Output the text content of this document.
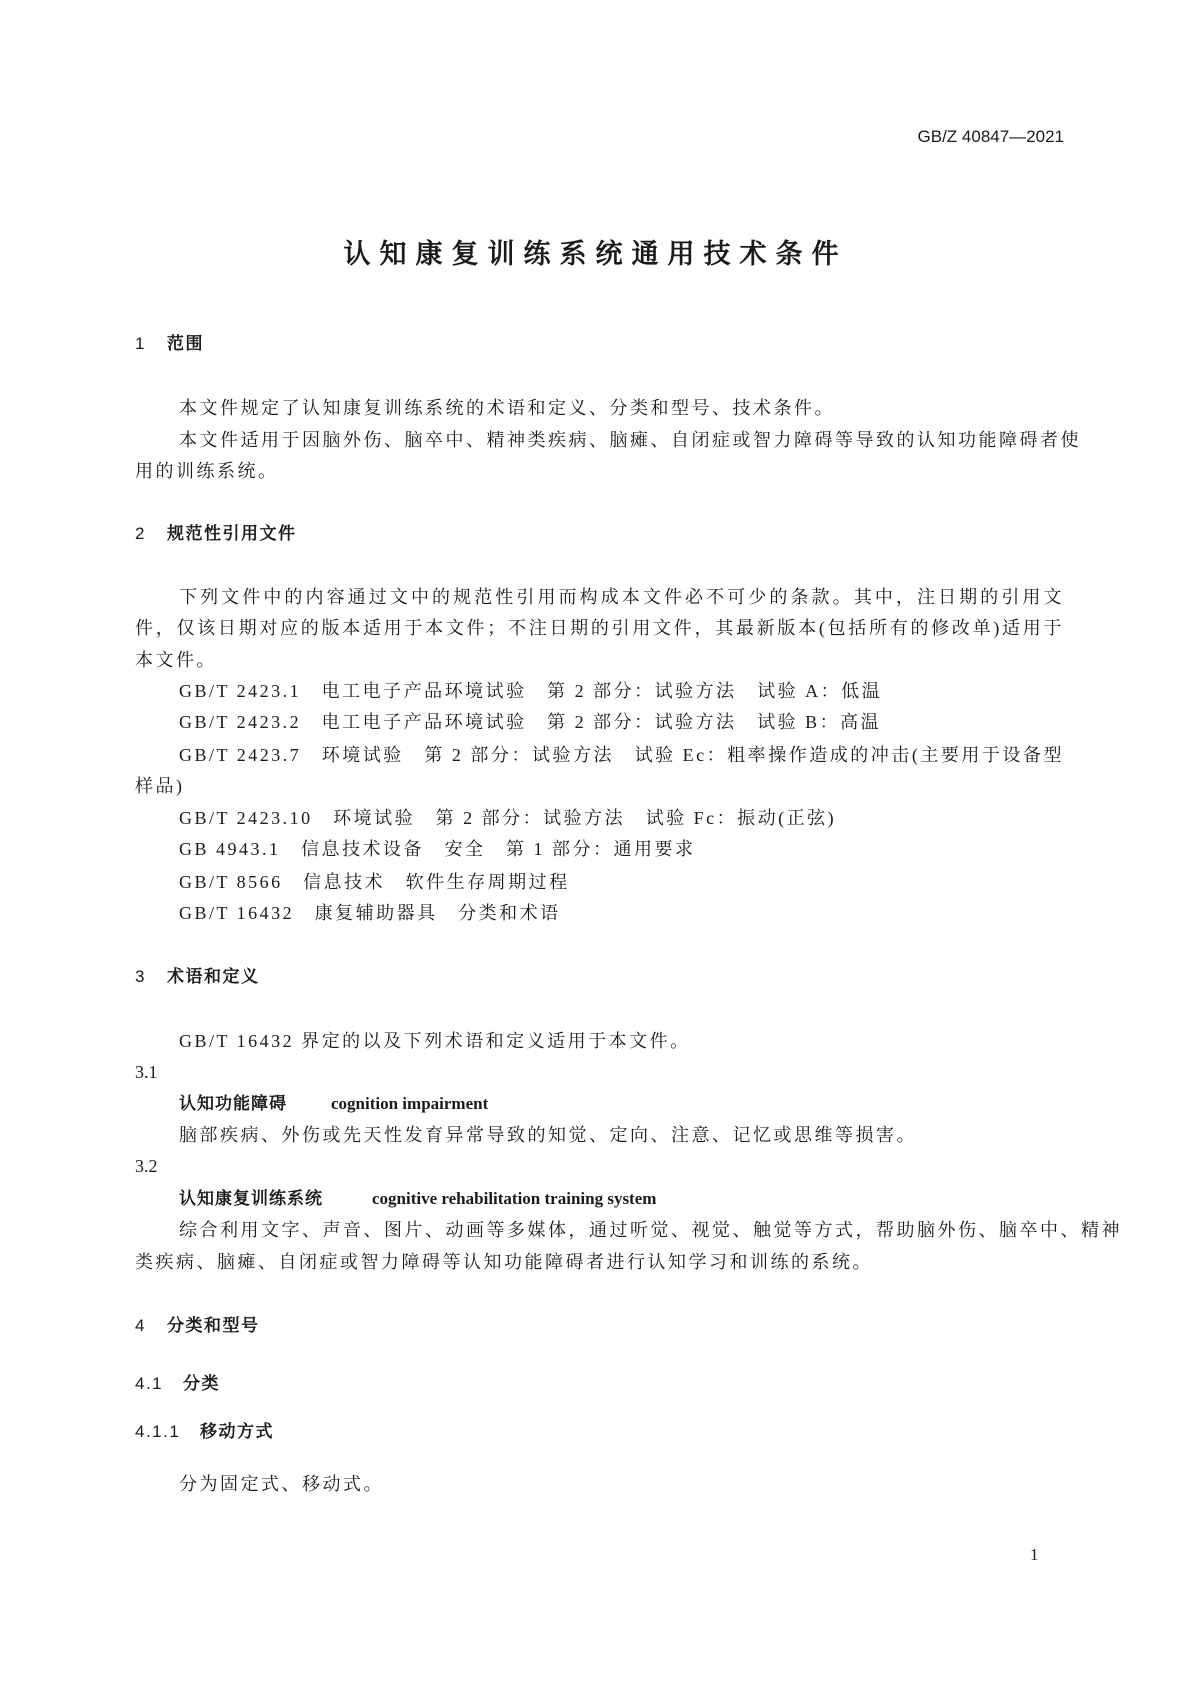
GB/Z 40847—2021
认知康复训练系统通用技术条件
1 范围
本文件规定了认知康复训练系统的术语和定义、分类和型号、技术条件。
本文件适用于因脑外伤、脑卒中、精神类疾病、脑瘫、自闭症或智力障碍等导致的认知功能障碍者使
用的训练系统。
2 规范性引用文件
下列文件中的内容通过文中的规范性引用而构成本文件必不可少的条款。其中，注日期的引用文
件，仅该日期对应的版本适用于本文件；不注日期的引用文件，其最新版本(包括所有的修改单)适用于
本文件。
GB/T 2423.1　电工电子产品环境试验　第 2 部分：试验方法　试验 A：低温
GB/T 2423.2　电工电子产品环境试验　第 2 部分：试验方法　试验 B：高温
GB/T 2423.7　环境试验　第 2 部分：试验方法　试验 Ec：粗率操作造成的冲击(主要用于设备型
样品)
GB/T 2423.10　环境试验　第 2 部分：试验方法　试验 Fc：振动(正弦)
GB 4943.1　信息技术设备　安全　第 1 部分：通用要求
GB/T 8566　信息技术　软件生存周期过程
GB/T 16432　康复辅助器具　分类和术语
3 术语和定义
GB/T 16432 界定的以及下列术语和定义适用于本文件。
3.1
认知功能障碍	cognition impairment
脑部疾病、外伤或先天性发育异常导致的知觉、定向、注意、记忆或思维等损害。
3.2
认知康复训练系统	cognitive rehabilitation training system
综合利用文字、声音、图片、动画等多媒体，通过听觉、视觉、触觉等方式，帮助脑外伤、脑卒中、精神
类疾病、脑瘫、自闭症或智力障碍等认知功能障碍者进行认知学习和训练的系统。
4 分类和型号
4.1 分类
4.1.1 移动方式
分为固定式、移动式。
1
